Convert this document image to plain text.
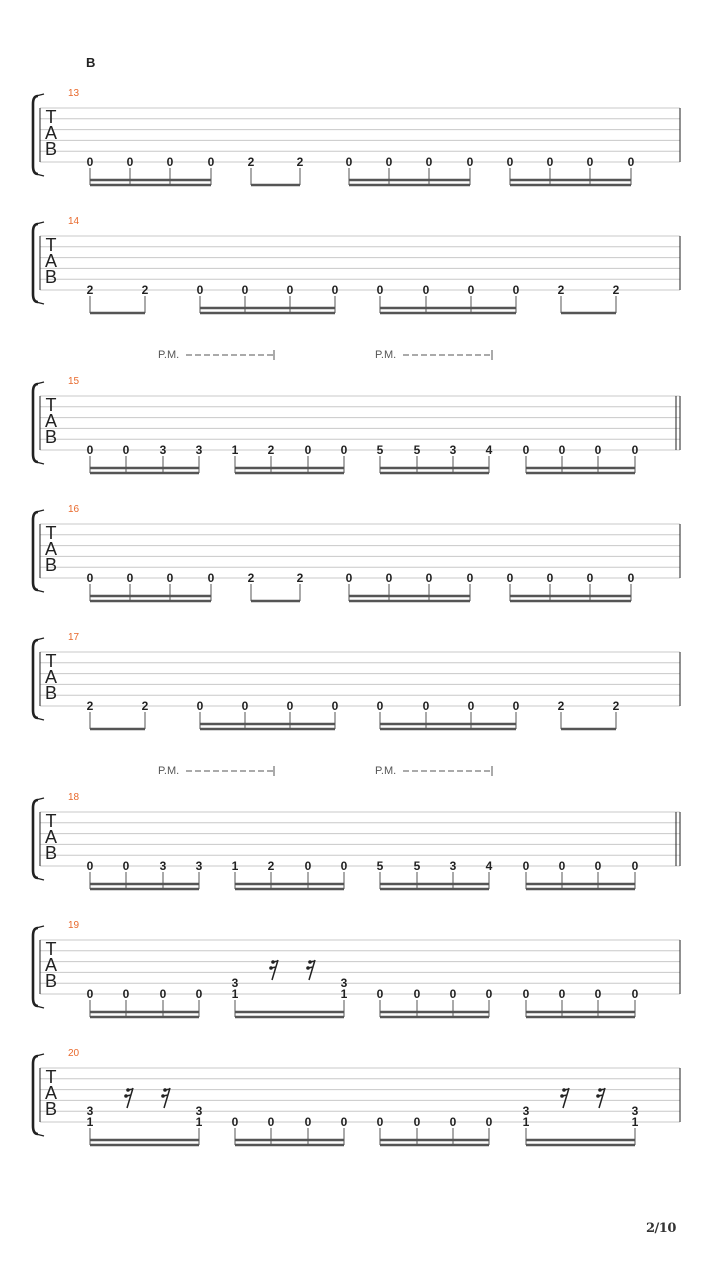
B
13
T
A
B
0	0	0	0	2	2	0	0	0	0	0	0	0	0
14
T
A
B
2	2	0	0	0	0	0	0	0	0	2	2
15
T
A
B
P.M.	P.M.
0 0	3 3 1 2	0 0 5	5 3 4	0 0 0	0
16
T
A
B
0	0	0	0	2	2	0	0	0	0	0	0	0	0
17
T
A
B
2	2	0	0	0	0	0	0	0	0	2	2
18
T
A
B
P.M.	P.M.
0 0	3 3 1 2	0 0 5	5 3 4	0 0 0	0
19
T
A
B
0 0	0 0
3
1
3
1 0	0 0 0	0 0 0	0
20
T
A
B 3
1
3
1 0 0	0 0 0	0 0 0
3
1
3
1
2/10
